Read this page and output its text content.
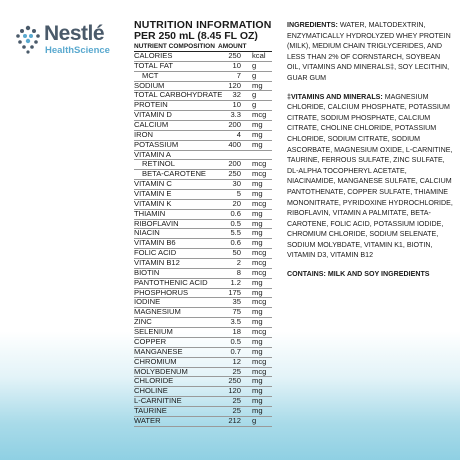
Nestlé
HealthScience
NUTRITION INFORMATION
PER 250 mL (8.45 FL OZ)
NUTRIENT COMPOSITION AMOUNT
CALORIES	250 kcal
TOTAL FAT	10 g
MCT	7 g
SODIUM	120 mg
TOTAL CARBOHYDRATE 32 g
PROTEIN	10 g
VITAMIN D	3.3 mcg
CALCIUM	200 mg
IRON	4 mg
POTASSIUM	400 mg
VITAMIN A
RETINOL	200 mcg
BETA-CAROTENE	250 mcg
VITAMIN C	30 mg
VITAMIN E	5 mg
VITAMIN K	20 mcg
THIAMIN	0.6 mg
RIBOFLAVIN	0.5 mg
NIACIN	5.5 mg
VITAMIN B6	0.6 mg
FOLIC ACID	50 mcg
VITAMIN B12	2 mcg
BIOTIN	8 mcg
PANTOTHENIC ACID	1.2 mg
PHOSPHORUS	175 mg
IODINE	35 mcg
MAGNESIUM	75 mg
ZINC	3.5 mg
SELENIUM	18 mcg
COPPER	0.5 mg
MANGANESE	0.7 mg
CHROMIUM	12 mcg
MOLYBDENUM	25 mcg
CHLORIDE	250 mg
CHOLINE	120 mg
L-CARNITINE	25 mg
TAURINE	25 mg
WATER	212 g

INGREDIENTS: WATER, MALTODEXTRIN, ENZYMATICALLY HYDROLYZED WHEY PROTEIN (MILK), MEDIUM CHAIN TRIGLYCERIDES, AND LESS THAN 2% OF CORNSTARCH, SOYBEAN OIL, VITAMINS AND MINERALS‡, SOY LECITHIN, GUAR GUM

‡VITAMINS AND MINERALS: MAGNESIUM CHLORIDE, CALCIUM PHOSPHATE, POTASSIUM CITRATE, SODIUM PHOSPHATE, CALCIUM CITRATE, CHOLINE CHLORIDE, POTASSIUM CHLORIDE, SODIUM CITRATE, SODIUM ASCORBATE, MAGNESIUM OXIDE, L-CARNITINE, TAURINE, FERROUS SULFATE, ZINC SULFATE, DL-ALPHA TOCOPHERYL ACETATE, NIACINAMIDE, MANGANESE SULFATE, CALCIUM PANTOTHENATE, COPPER SULFATE, THIAMINE MONONITRATE, PYRIDOXINE HYDROCHLORIDE, RIBOFLAVIN, VITAMIN A PALMITATE, BETA-CAROTENE, FOLIC ACID, POTASSIUM IODIDE, CHROMIUM CHLORIDE, SODIUM SELENATE, SODIUM MOLYBDATE, VITAMIN K1, BIOTIN, VITAMIN D3, VITAMIN B12

CONTAINS: MILK AND SOY INGREDIENTS
